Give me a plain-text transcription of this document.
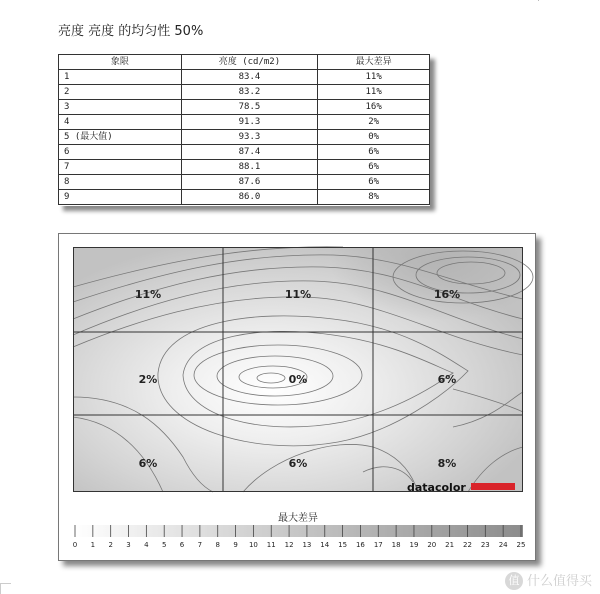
亮度 亮度 的均匀性 50%
象限	亮度 (cd/m2)	最大差异
1	83.4	11%
2	83.2	11%
3	78.5	16%
4	91.3	2%
5 (最大值)	93.3	0%
6	87.4	6%
7	88.1	6%
8	87.6	6%
9	86.0	8%
11%	11%	16%
2%	0%	6%
6%	6%	8%
datacolor
最大差异
0 1 2 3 4 5 6 7 8 9 10 11 12 13 14 15 16 17 18 19 20 21 22 23 24 25
值 什么值得买
